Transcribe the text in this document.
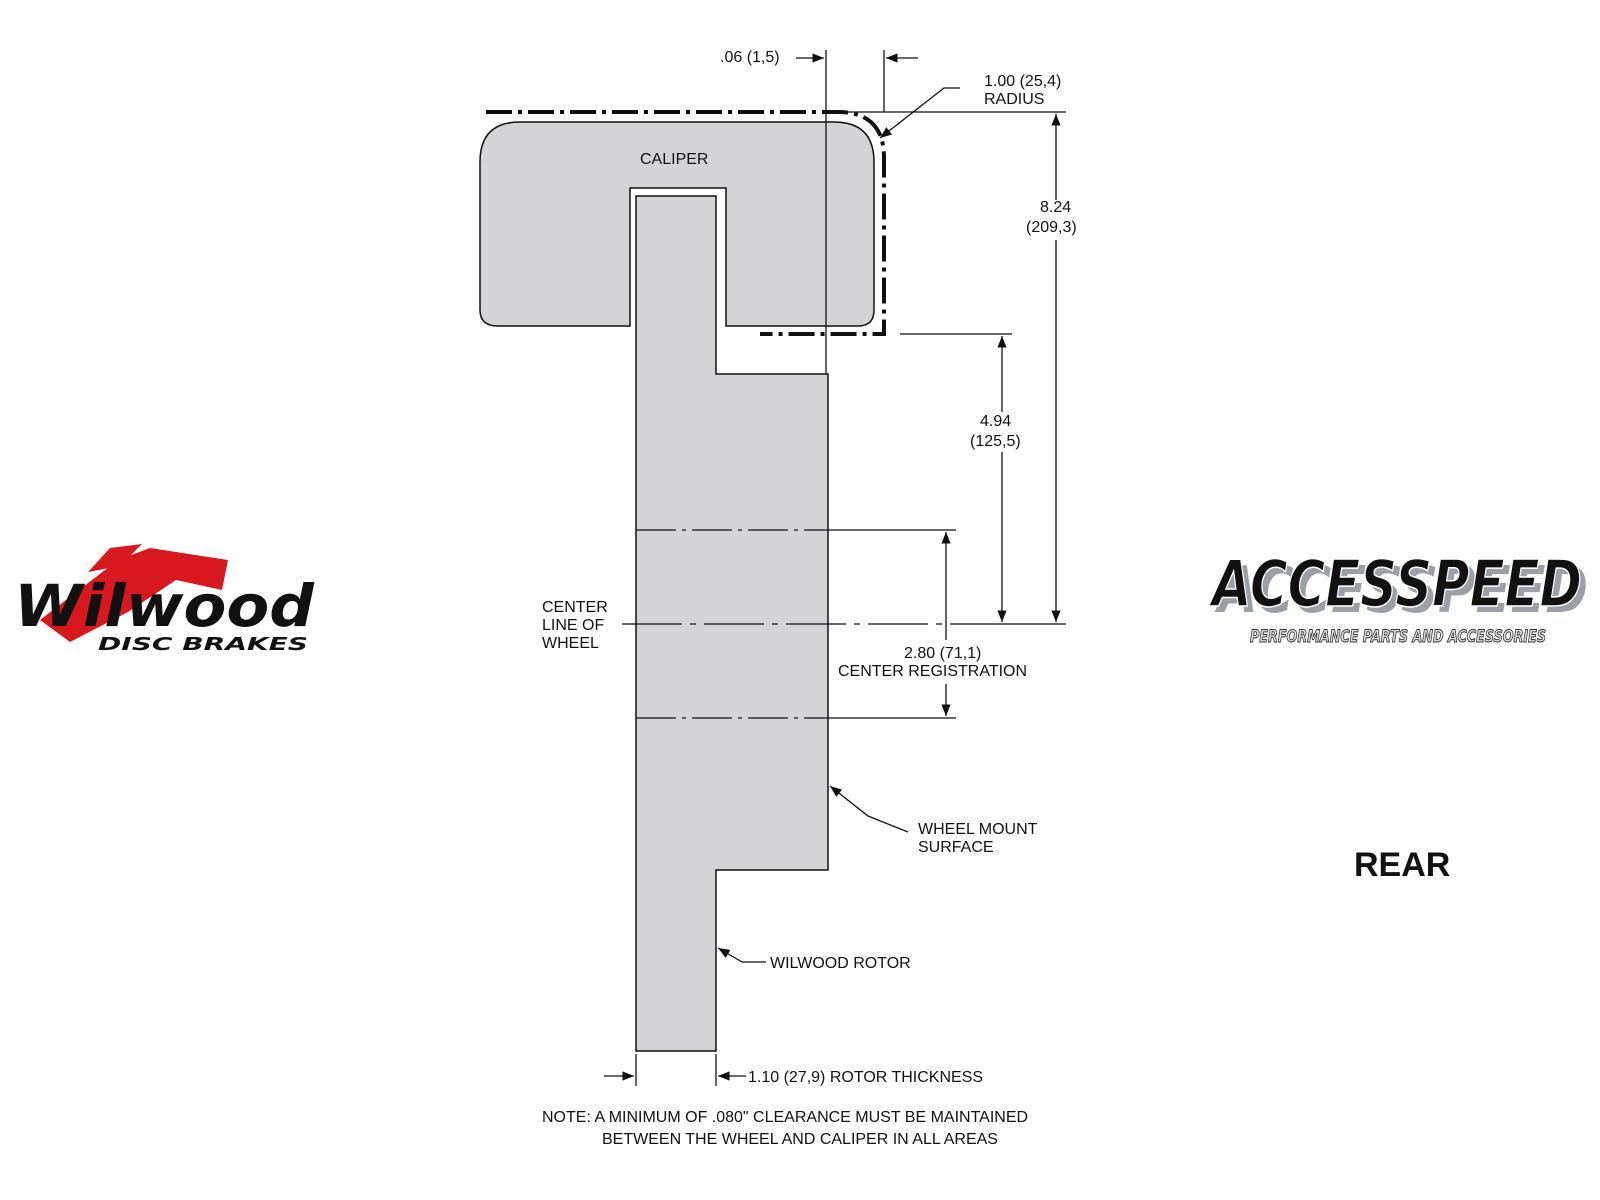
CALIPER
.06 (1,5)
1.00 (25,4)
RADIUS
8.24
(209,3)
4.94
(125,5)
CENTER
LINE OF
WHEEL
2.80 (71,1)
CENTER REGISTRATION
WHEEL MOUNT
SURFACE
WILWOOD ROTOR
1.10 (27,9) ROTOR THICKNESS
NOTE: A MINIMUM OF .080" CLEARANCE MUST BE MAINTAINED
BETWEEN THE WHEEL AND CALIPER IN ALL AREAS
REAR
Wilwood
DISC BRAKES
ACCESSPEED
ACCESSPEED
PERFORMANCE PARTS AND ACCESSORIES
